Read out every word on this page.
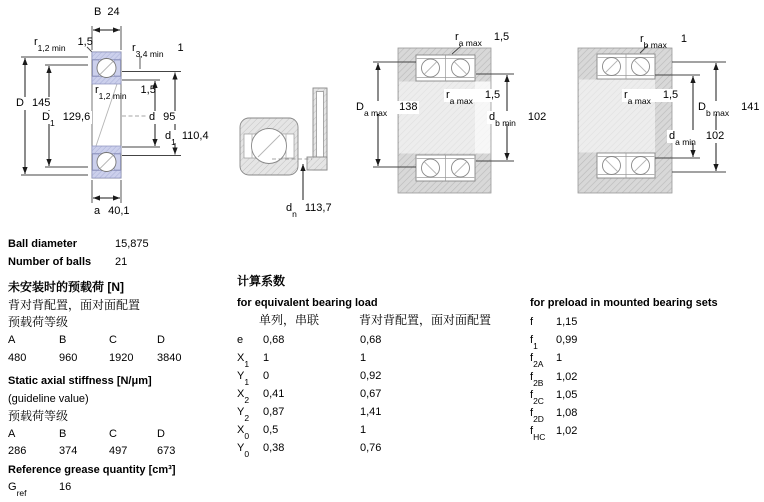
B 24
$r_{1,2 min}$ 1,5	$r_{3,4 min}$ 1
D 145
$D_1$ 129,6
$r_{1,2 min}$ 1,5
d 95
$d_1$ 110,4
a 40,1	$d_n$ 113,7
$r_{a max}$ 1,5
$r_{a max}$ 1,5
$D_{a max}$ 138
$d_{b min}$ 102
$r_{b max}$ 1
$r_{a max}$ 1,5
$D_{b max}$ 141
$d_{a min}$ 102
Ball diameter	15,875
Number of balls 21
未安装时的预载荷 [N]
背对背配置，面对面配置
预载荷等级
A	B	C	D
480	960	1920 3840
Static axial stiffness [N/μm]
(guideline value)
预载荷等级
A	B	C	D
286	374	497	673
Reference grease quantity [cm³]
$G_{ref}$	16
计算系数
for equivalent bearing load
单列，串联	背对背配置，面对面配置
e 0,68	0,68
$X_1$ 1	1
$Y_1$ 0	0,92
$X_2$ 0,41	0,67
$Y_2$ 0,87	1,41
$X_0$ 0,5	1
$Y_0$ 0,38	0,76
for preload in mounted bearing sets
f 1,15
$f_1$ 0,99
$f_{2A}$ 1
$f_{2B}$ 1,02
$f_{2C}$ 1,05
$f_{2D}$ 1,08
$f_{HC}$ 1,02
